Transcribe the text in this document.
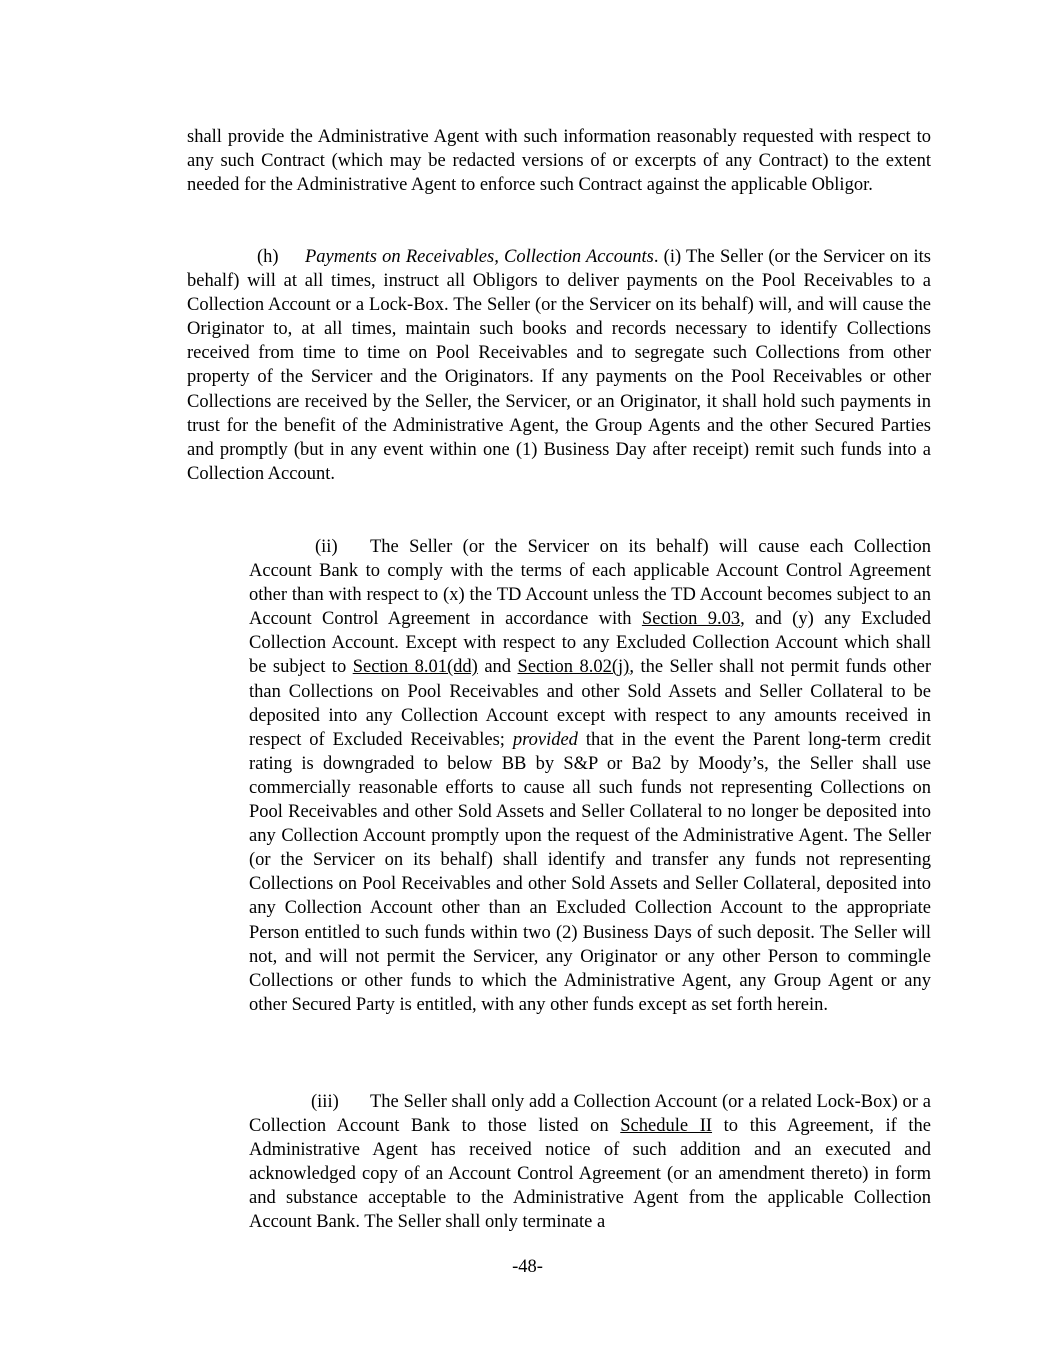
shall provide the Administrative Agent with such information reasonably requested with respect to any such Contract (which may be redacted versions of or excerpts of any Contract) to the extent needed for the Administrative Agent to enforce such Contract against the applicable Obligor.

(h) Payments on Receivables, Collection Accounts. (i) The Seller (or the Servicer on its behalf) will at all times, instruct all Obligors to deliver payments on the Pool Receivables to a Collection Account or a Lock-Box. The Seller (or the Servicer on its behalf) will, and will cause the Originator to, at all times, maintain such books and records necessary to identify Collections received from time to time on Pool Receivables and to segregate such Collections from other property of the Servicer and the Originators. If any payments on the Pool Receivables or other Collections are received by the Seller, the Servicer, or an Originator, it shall hold such payments in trust for the benefit of the Administrative Agent, the Group Agents and the other Secured Parties and promptly (but in any event within one (1) Business Day after receipt) remit such funds into a Collection Account.

(ii) The Seller (or the Servicer on its behalf) will cause each Collection Account Bank to comply with the terms of each applicable Account Control Agreement other than with respect to (x) the TD Account unless the TD Account becomes subject to an Account Control Agreement in accordance with Section 9.03, and (y) any Excluded Collection Account. Except with respect to any Excluded Collection Account which shall be subject to Section 8.01(dd) and Section 8.02(j), the Seller shall not permit funds other than Collections on Pool Receivables and other Sold Assets and Seller Collateral to be deposited into any Collection Account except with respect to any amounts received in respect of Excluded Receivables; provided that in the event the Parent long-term credit rating is downgraded to below BB by S&P or Ba2 by Moody’s, the Seller shall use commercially reasonable efforts to cause all such funds not representing Collections on Pool Receivables and other Sold Assets and Seller Collateral to no longer be deposited into any Collection Account promptly upon the request of the Administrative Agent. The Seller (or the Servicer on its behalf) shall identify and transfer any funds not representing Collections on Pool Receivables and other Sold Assets and Seller Collateral, deposited into any Collection Account other than an Excluded Collection Account to the appropriate Person entitled to such funds within two (2) Business Days of such deposit. The Seller will not, and will not permit the Servicer, any Originator or any other Person to commingle Collections or other funds to which the Administrative Agent, any Group Agent or any other Secured Party is entitled, with any other funds except as set forth herein.

(iii) The Seller shall only add a Collection Account (or a related Lock-Box) or a Collection Account Bank to those listed on Schedule II to this Agreement, if the Administrative Agent has received notice of such addition and an executed and acknowledged copy of an Account Control Agreement (or an amendment thereto) in form and substance acceptable to the Administrative Agent from the applicable Collection Account Bank. The Seller shall only terminate a

-48-
